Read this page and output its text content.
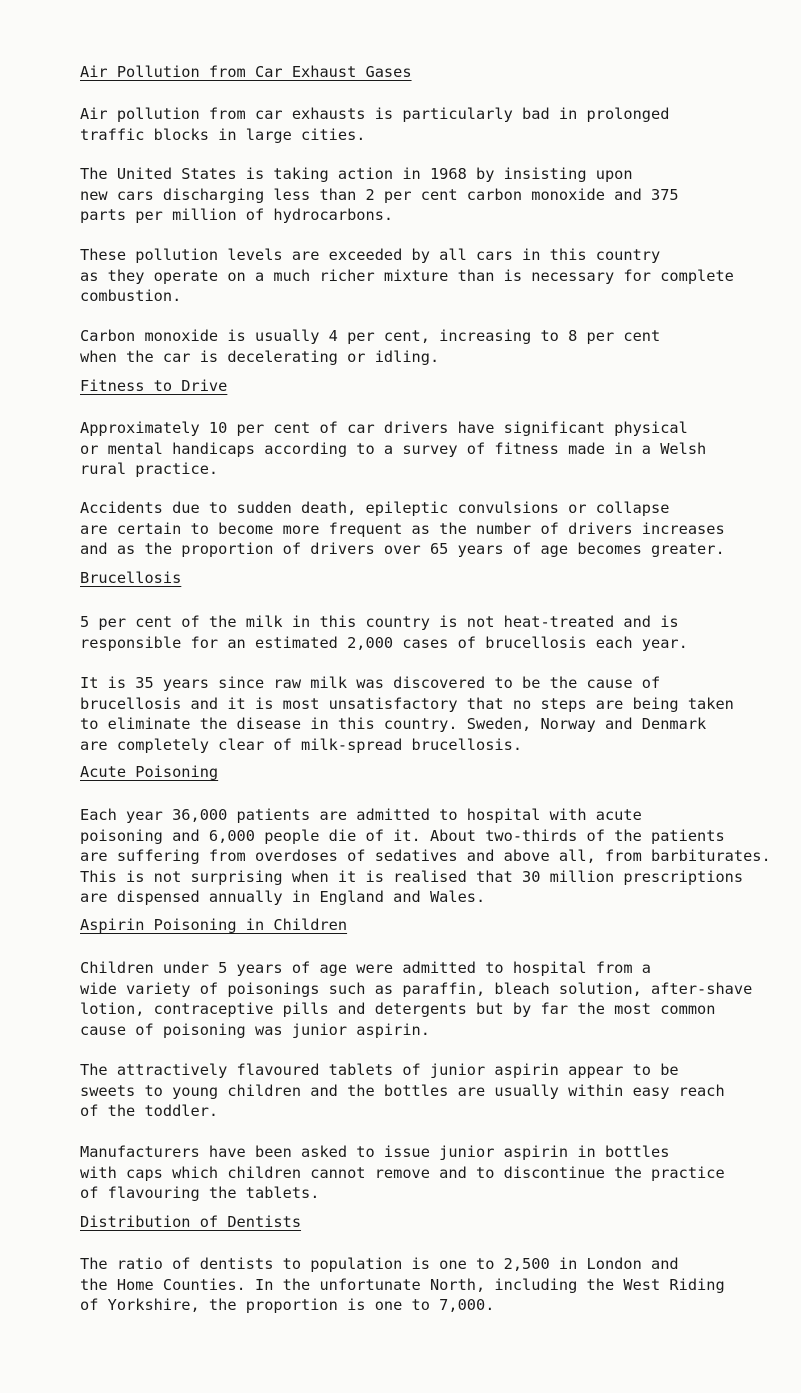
Air Pollution from Car Exhaust Gases

Air pollution from car exhausts is particularly bad in prolonged
traffic blocks in large cities.

The United States is taking action in 1968 by insisting upon
new cars discharging less than 2 per cent carbon monoxide and 375
parts per million of hydrocarbons.

These pollution levels are exceeded by all cars in this country
as they operate on a much richer mixture than is necessary for complete
combustion.

Carbon monoxide is usually 4 per cent, increasing to 8 per cent
when the car is decelerating or idling.

Fitness to Drive

Approximately 10 per cent of car drivers have significant physical
or mental handicaps according to a survey of fitness made in a Welsh
rural practice.

Accidents due to sudden death, epileptic convulsions or collapse
are certain to become more frequent as the number of drivers increases
and as the proportion of drivers over 65 years of age becomes greater.

Brucellosis

5 per cent of the milk in this country is not heat-treated and is
responsible for an estimated 2,000 cases of brucellosis each year.

It is 35 years since raw milk was discovered to be the cause of
brucellosis and it is most unsatisfactory that no steps are being taken
to eliminate the disease in this country. Sweden, Norway and Denmark
are completely clear of milk-spread brucellosis.

Acute Poisoning

Each year 36,000 patients are admitted to hospital with acute
poisoning and 6,000 people die of it. About two-thirds of the patients
are suffering from overdoses of sedatives and above all, from barbiturates.
This is not surprising when it is realised that 30 million prescriptions
are dispensed annually in England and Wales.

Aspirin Poisoning in Children

Children under 5 years of age were admitted to hospital from a
wide variety of poisonings such as paraffin, bleach solution, after-shave
lotion, contraceptive pills and detergents but by far the most common
cause of poisoning was junior aspirin.

The attractively flavoured tablets of junior aspirin appear to be
sweets to young children and the bottles are usually within easy reach
of the toddler.

Manufacturers have been asked to issue junior aspirin in bottles
with caps which children cannot remove and to discontinue the practice
of flavouring the tablets.

Distribution of Dentists

The ratio of dentists to population is one to 2,500 in London and
the Home Counties. In the unfortunate North, including the West Riding
of Yorkshire, the proportion is one to 7,000.
